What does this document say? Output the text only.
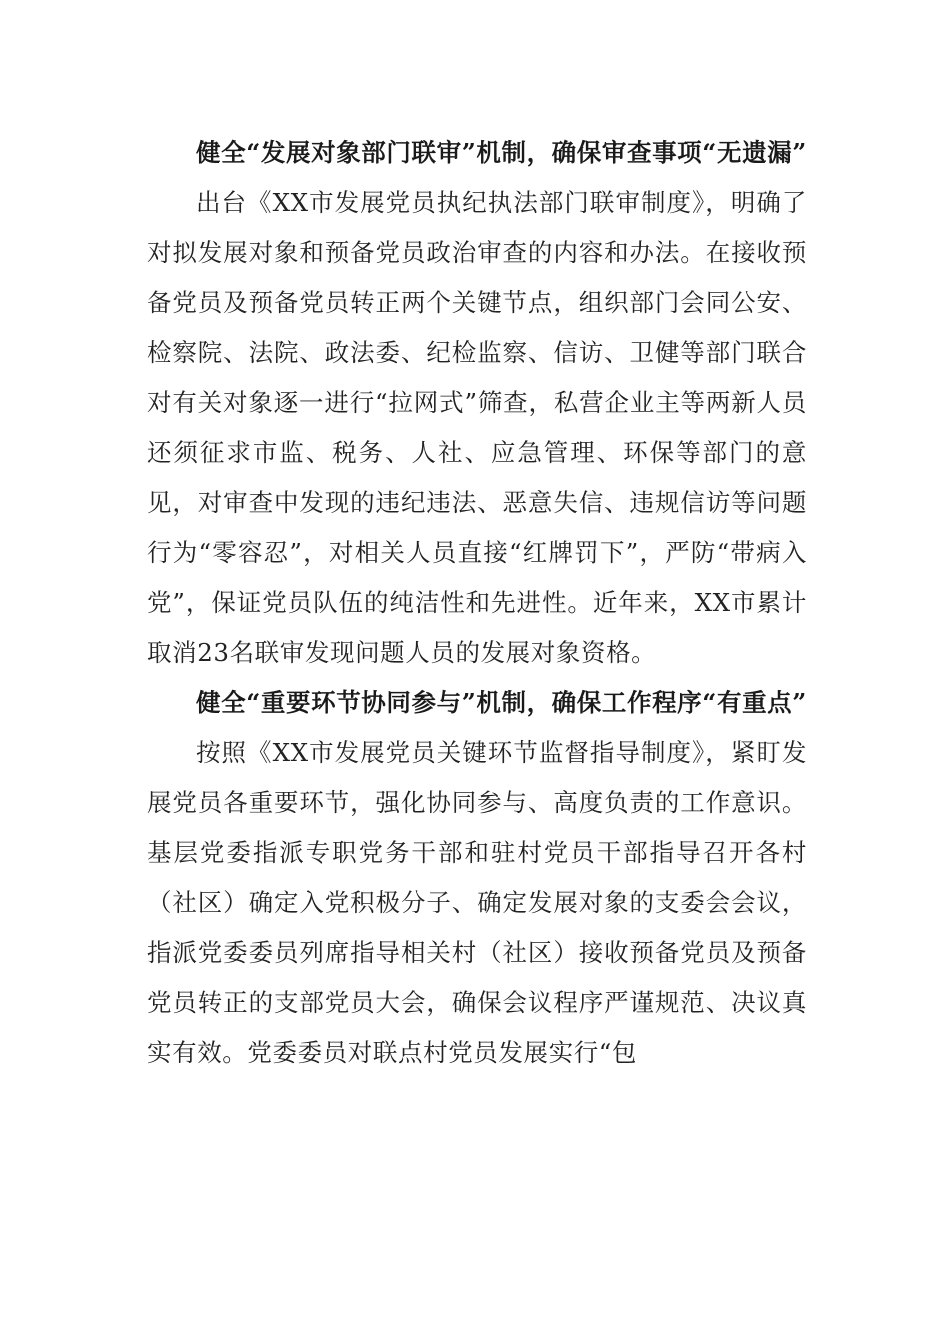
健全“发展对象部门联审”机制，确保审查事项“无遗漏”

出台《XX市发展党员执纪执法部门联审制度》，明确了对拟发展对象和预备党员政治审查的内容和办法。在接收预备党员及预备党员转正两个关键节点，组织部门会同公安、检察院、法院、政法委、纪检监察、信访、卫健等部门联合对有关对象逐一进行“拉网式”筛查，私营企业主等两新人员还须征求市监、税务、人社、应急管理、环保等部门的意见，对审查中发现的违纪违法、恶意失信、违规信访等问题行为“零容忍”，对相关人员直接“红牌罚下”，严防“带病入党”，保证党员队伍的纯洁性和先进性。近年来，XX市累计取消23名联审发现问题人员的发展对象资格。

健全“重要环节协同参与”机制，确保工作程序“有重点”

按照《XX市发展党员关键环节监督指导制度》，紧盯发展党员各重要环节，强化协同参与、高度负责的工作意识。基层党委指派专职党务干部和驻村党员干部指导召开各村（社区）确定入党积极分子、确定发展对象的支委会会议，指派党委委员列席指导相关村（社区）接收预备党员及预备党员转正的支部党员大会，确保会议程序严谨规范、决议真实有效。党委委员对联点村党员发展实行“包
